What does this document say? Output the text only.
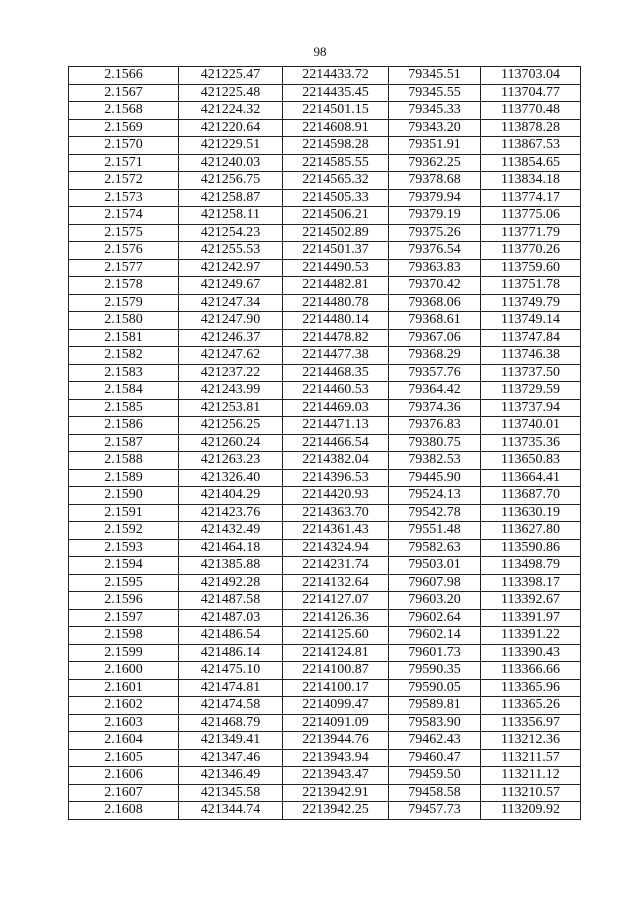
98
2.1566	421225.47	2214433.72	79345.51	113703.04
2.1567	421225.48	2214435.45	79345.55	113704.77
2.1568	421224.32	2214501.15	79345.33	113770.48
2.1569	421220.64	2214608.91	79343.20	113878.28
2.1570	421229.51	2214598.28	79351.91	113867.53
2.1571	421240.03	2214585.55	79362.25	113854.65
2.1572	421256.75	2214565.32	79378.68	113834.18
2.1573	421258.87	2214505.33	79379.94	113774.17
2.1574	421258.11	2214506.21	79379.19	113775.06
2.1575	421254.23	2214502.89	79375.26	113771.79
2.1576	421255.53	2214501.37	79376.54	113770.26
2.1577	421242.97	2214490.53	79363.83	113759.60
2.1578	421249.67	2214482.81	79370.42	113751.78
2.1579	421247.34	2214480.78	79368.06	113749.79
2.1580	421247.90	2214480.14	79368.61	113749.14
2.1581	421246.37	2214478.82	79367.06	113747.84
2.1582	421247.62	2214477.38	79368.29	113746.38
2.1583	421237.22	2214468.35	79357.76	113737.50
2.1584	421243.99	2214460.53	79364.42	113729.59
2.1585	421253.81	2214469.03	79374.36	113737.94
2.1586	421256.25	2214471.13	79376.83	113740.01
2.1587	421260.24	2214466.54	79380.75	113735.36
2.1588	421263.23	2214382.04	79382.53	113650.83
2.1589	421326.40	2214396.53	79445.90	113664.41
2.1590	421404.29	2214420.93	79524.13	113687.70
2.1591	421423.76	2214363.70	79542.78	113630.19
2.1592	421432.49	2214361.43	79551.48	113627.80
2.1593	421464.18	2214324.94	79582.63	113590.86
2.1594	421385.88	2214231.74	79503.01	113498.79
2.1595	421492.28	2214132.64	79607.98	113398.17
2.1596	421487.58	2214127.07	79603.20	113392.67
2.1597	421487.03	2214126.36	79602.64	113391.97
2.1598	421486.54	2214125.60	79602.14	113391.22
2.1599	421486.14	2214124.81	79601.73	113390.43
2.1600	421475.10	2214100.87	79590.35	113366.66
2.1601	421474.81	2214100.17	79590.05	113365.96
2.1602	421474.58	2214099.47	79589.81	113365.26
2.1603	421468.79	2214091.09	79583.90	113356.97
2.1604	421349.41	2213944.76	79462.43	113212.36
2.1605	421347.46	2213943.94	79460.47	113211.57
2.1606	421346.49	2213943.47	79459.50	113211.12
2.1607	421345.58	2213942.91	79458.58	113210.57
2.1608	421344.74	2213942.25	79457.73	113209.92
